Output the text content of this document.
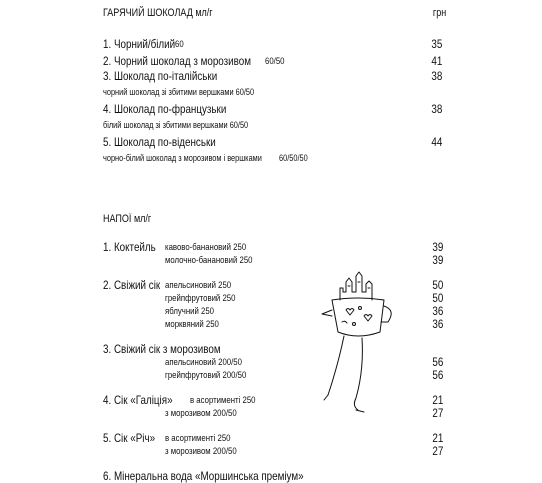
ГАРЯЧИЙ ШОКОЛАД мл/г	грн
1. Чорний/білий 60	35
2. Чорний шоколад з морозивом 60/50	41
3. Шоколад по-італійськи	38
чорний шоколад зі збитими вершками 60/50
4. Шоколад по-французьки	38
білий шоколад зі збитими вершками 60/50
5. Шоколад по-віденськи	44
чорно-білий шоколад з морозивом і вершками 60/50/50
НАПОЇ мл/г
1. Коктейль кавово-банановий 250	39
молочно-банановий 250	39
2. Свіжий сік апельсиновий 250	50
грейпфрутовий 250	50
яблучний 250	36
морквяний 250	36
3. Свіжий сік з морозивом
апельсиновий 200/50	56
грейпфрутовий 200/50	56
4. Сік «Галіція» в асортименті 250	21
з морозивом 200/50	27
5. Сік «Річ» в асортименті 250	21
з морозивом 200/50	27
6. Мінеральна вода «Моршинська преміум»
